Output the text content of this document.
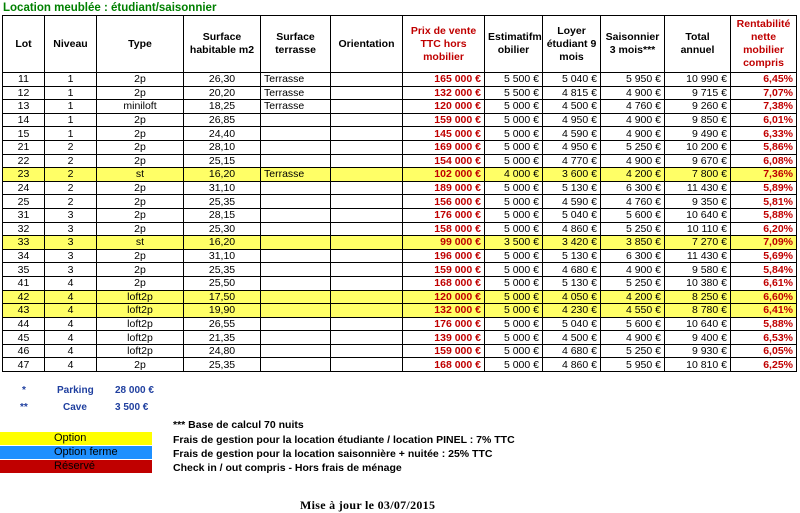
Location meublée : étudiant/saisonnier
Lot	Niveau	Type	Surface habitable m2	Surface terrasse	Orientation	Prix de vente TTC hors mobilier	Estimatifm obilier	Loyer étudiant 9 mois	Saisonnier 3 mois***	Total annuel	Rentabilité nette mobilier compris
11	1	2p	26,30	Terrasse		165 000 €	5 500 €	5 040 €	5 950 €	10 990 €	6,45%
12	1	2p	20,20	Terrasse		132 000 €	5 500 €	4 815 €	4 900 €	9 715 €	7,07%
13	1	miniloft	18,25	Terrasse		120 000 €	5 000 €	4 500 €	4 760 €	9 260 €	7,38%
14	1	2p	26,85			159 000 €	5 000 €	4 950 €	4 900 €	9 850 €	6,01%
15	1	2p	24,40			145 000 €	5 000 €	4 590 €	4 900 €	9 490 €	6,33%
21	2	2p	28,10			169 000 €	5 000 €	4 950 €	5 250 €	10 200 €	5,86%
22	2	2p	25,15			154 000 €	5 000 €	4 770 €	4 900 €	9 670 €	6,08%
23	2	st	16,20	Terrasse		102 000 €	4 000 €	3 600 €	4 200 €	7 800 €	7,36%
24	2	2p	31,10			189 000 €	5 000 €	5 130 €	6 300 €	11 430 €	5,89%
25	2	2p	25,35			156 000 €	5 000 €	4 590 €	4 760 €	9 350 €	5,81%
31	3	2p	28,15			176 000 €	5 000 €	5 040 €	5 600 €	10 640 €	5,88%
32	3	2p	25,30			158 000 €	5 000 €	4 860 €	5 250 €	10 110 €	6,20%
33	3	st	16,20			99 000 €	3 500 €	3 420 €	3 850 €	7 270 €	7,09%
34	3	2p	31,10			196 000 €	5 000 €	5 130 €	6 300 €	11 430 €	5,69%
35	3	2p	25,35			159 000 €	5 000 €	4 680 €	4 900 €	9 580 €	5,84%
41	4	2p	25,50			168 000 €	5 000 €	5 130 €	5 250 €	10 380 €	6,61%
42	4	loft2p	17,50			120 000 €	5 000 €	4 050 €	4 200 €	8 250 €	6,60%
43	4	loft2p	19,90			132 000 €	5 000 €	4 230 €	4 550 €	8 780 €	6,41%
44	4	loft2p	26,55			176 000 €	5 000 €	5 040 €	5 600 €	10 640 €	5,88%
45	4	loft2p	21,35			139 000 €	5 000 €	4 500 €	4 900 €	9 400 €	6,53%
46	4	loft2p	24,80			159 000 €	5 000 €	4 680 €	5 250 €	9 930 €	6,05%
47	4	2p	25,35			168 000 €	5 000 €	4 860 €	5 950 €	10 810 €	6,25%
*	Parking 28 000 €
**	Cave	3 500 €
Option
Option ferme
Réservé
*** Base de calcul 70 nuits
Frais de gestion pour la location étudiante / location PINEL : 7% TTC
Frais de gestion pour la location saisonnière + nuitée : 25% TTC
Check in / out compris - Hors frais de ménage
Mise à jour le 03/07/2015
